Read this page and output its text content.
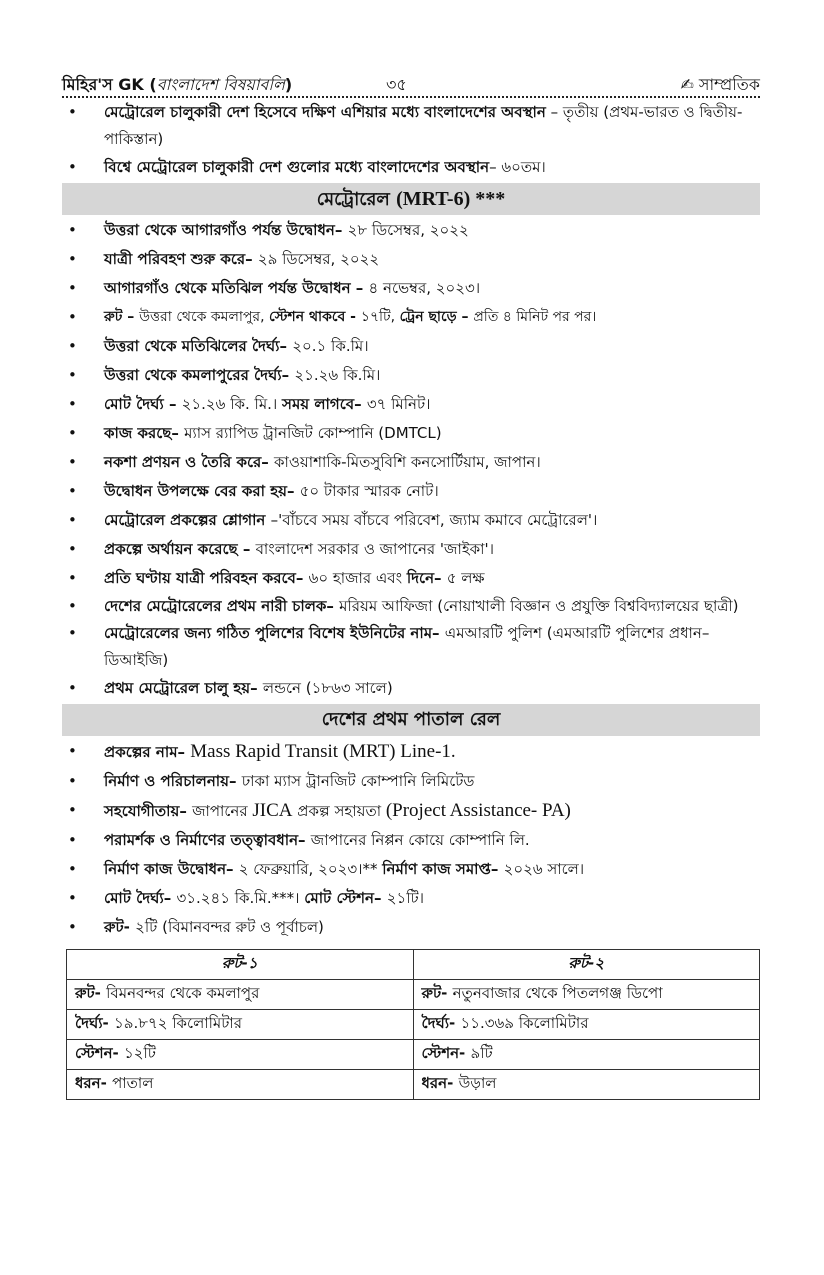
মিহির'স GK (বাংলাদেশ বিষয়াবলি)	৩৫	✍ সাম্প্রতিক
• মেট্রোরেল চালুকারী দেশ হিসেবে দক্ষিণ এশিয়ার মধ্যে বাংলাদেশের অবস্থান – তৃতীয় (প্রথম-ভারত ও দ্বিতীয়-পাকিস্তান)
• বিশ্বে মেট্রোরেল চালুকারী দেশ গুলোর মধ্যে বাংলাদেশের অবস্থান– ৬০তম।
মেট্রোরেল (MRT-6) ***
• উত্তরা থেকে আগারগাঁও পর্যন্ত উদ্বোধন– ২৮ ডিসেম্বর, ২০২২
• যাত্রী পরিবহণ শুরু করে– ২৯ ডিসেম্বর, ২০২২
• আগারগাঁও থেকে মতিঝিল পর্যন্ত উদ্বোধন – ৪ নভেম্বর, ২০২৩।
• রুট – উত্তরা থেকে কমলাপুর, স্টেশন থাকবে - ১৭টি, ট্রেন ছাড়ে – প্রতি ৪ মিনিট পর পর।
• উত্তরা থেকে মতিঝিলের দৈর্ঘ্য– ২০.১ কি.মি।
• উত্তরা থেকে কমলাপুরের দৈর্ঘ্য– ২১.২৬ কি.মি।
• মোট দৈর্ঘ্য – ২১.২৬ কি. মি.। সময় লাগবে– ৩৭ মিনিট।
• কাজ করছে– ম্যাস র‍্যাপিড ট্রানজিট কোম্পানি (DMTCL)
• নকশা প্রণয়ন ও তৈরি করে– কাওয়াশাকি-মিতসুবিশি কনসোর্টিয়াম, জাপান।
• উদ্বোধন উপলক্ষে বের করা হয়– ৫০ টাকার স্মারক নোট।
• মেট্রোরেল প্রকল্পের শ্লোগান –'বাঁচবে সময় বাঁচবে পরিবেশ, জ্যাম কমাবে মেট্রোরেল'।
• প্রকল্পে অর্থায়ন করেছে – বাংলাদেশ সরকার ও জাপানের 'জাইকা'।
• প্রতি ঘণ্টায় যাত্রী পরিবহন করবে– ৬০ হাজার এবং দিনে– ৫ লক্ষ
• দেশের মেট্রোরেলের প্রথম নারী চালক– মরিয়ম আফিজা (নোয়াখালী বিজ্ঞান ও প্রযুক্তি বিশ্ববিদ্যালয়ের ছাত্রী)
• মেট্রোরেলের জন্য গঠিত পুলিশের বিশেষ ইউনিটের নাম– এমআরটি পুলিশ (এমআরটি পুলিশের প্রধান– ডিআইজি)
• প্রথম মেট্রোরেল চালু হয়– লন্ডনে (১৮৬৩ সালে)
দেশের প্রথম পাতাল রেল
• প্রকল্পের নাম– Mass Rapid Transit (MRT) Line-1.
• নির্মাণ ও পরিচালনায়– ঢাকা ম্যাস ট্রানজিট কোম্পানি লিমিটেড
• সহযোগীতায়– জাপানের JICA প্রকল্প সহায়তা (Project Assistance- PA)
• পরামর্শক ও নির্মাণের তত্ত্বাবধান– জাপানের নিপ্পন কোয়ে কোম্পানি লি.
• নির্মাণ কাজ উদ্বোধন– ২ ফেব্রুয়ারি, ২০২৩।** নির্মাণ কাজ সমাপ্ত– ২০২৬ সালে।
• মোট দৈর্ঘ্য– ৩১.২৪১ কি.মি.***। মোট স্টেশন– ২১টি।
• রুট- ২টি (বিমানবন্দর রুট ও পূর্বাচল)
রুট-১	রুট-২
রুট- বিমনবন্দর থেকে কমলাপুর	রুট- নতুনবাজার থেকে পিতলগঞ্জ ডিপো
দৈর্ঘ্য- ১৯.৮৭২ কিলোমিটার	দৈর্ঘ্য- ১১.৩৬৯ কিলোমিটার
স্টেশন- ১২টি	স্টেশন- ৯টি
ধরন- পাতাল	ধরন- উড়াল
